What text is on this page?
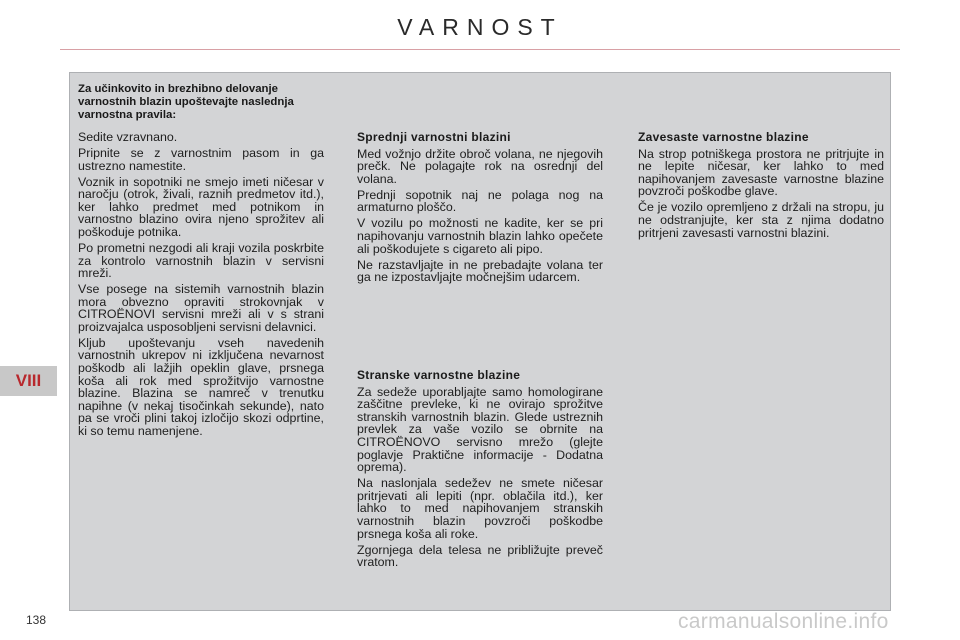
VARNOST
VIII
Za učinkovito in brezhibno delovanje varnostnih blazin upoštevajte naslednja varnostna pravila:

Sedite vzravnano.

Pripnite se z varnostnim pasom in ga ustrezno namestite.

Voznik in sopotniki ne smejo imeti ničesar v naročju (otrok, živali, raznih predmetov itd.), ker lahko predmet med potnikom in varnostno blazino ovira njeno sprožitev ali poškoduje potnika.

Po prometni nezgodi ali kraji vozila poskrbite za kontrolo varnostnih blazin v servisni mreži.

Vse posege na sistemih varnostnih blazin mora obvezno opraviti strokovnjak v CITROËNOVI servisni mreži ali v s strani proizvajalca usposobljeni servisni delavnici.

Kljub upoštevanju vseh navedenih varnostnih ukrepov ni izključena nevarnost poškodb ali lažjih opeklin glave, prsnega koša ali rok med sprožitvijo varnostne blazine. Blazina se namreč v trenutku napihne (v nekaj tisočinkah sekunde), nato pa se vroči plini takoj izločijo skozi odprtine, ki so temu namenjene.

Sprednji varnostni blazini

Med vožnjo držite obroč volana, ne njegovih prečk. Ne polagajte rok na osrednji del volana.

Prednji sopotnik naj ne polaga nog na armaturno ploščo.

V vozilu po možnosti ne kadite, ker se pri napihovanju varnostnih blazin lahko opečete ali poškodujete s cigareto ali pipo.

Ne razstavljajte in ne prebadajte volana ter ga ne izpostavljajte močnejšim udarcem.

Stranske varnostne blazine

Za sedeže uporabljajte samo homologirane zaščitne prevleke, ki ne ovirajo sprožitve stranskih varnostnih blazin. Glede ustreznih prevlek za vaše vozilo se obrnite na CITROËNOVO servisno mrežo (glejte poglavje Praktične informacije - Dodatna oprema).

Na naslonjala sedežev ne smete ničesar pritrjevati ali lepiti (npr. oblačila itd.), ker lahko to med napihovanjem stranskih varnostnih blazin povzroči poškodbe prsnega koša ali roke.

Zgornjega dela telesa ne približujte preveč vratom.

Zavesaste varnostne blazine

Na strop potniškega prostora ne pritrjujte in ne lepite ničesar, ker lahko to med napihovanjem zavesaste varnostne blazine povzroči poškodbe glave.

Če je vozilo opremljeno z držali na stropu, ju ne odstranjujte, ker sta z njima dodatno pritrjeni zavesasti varnostni blazini.

138	carmanualsonline.info
